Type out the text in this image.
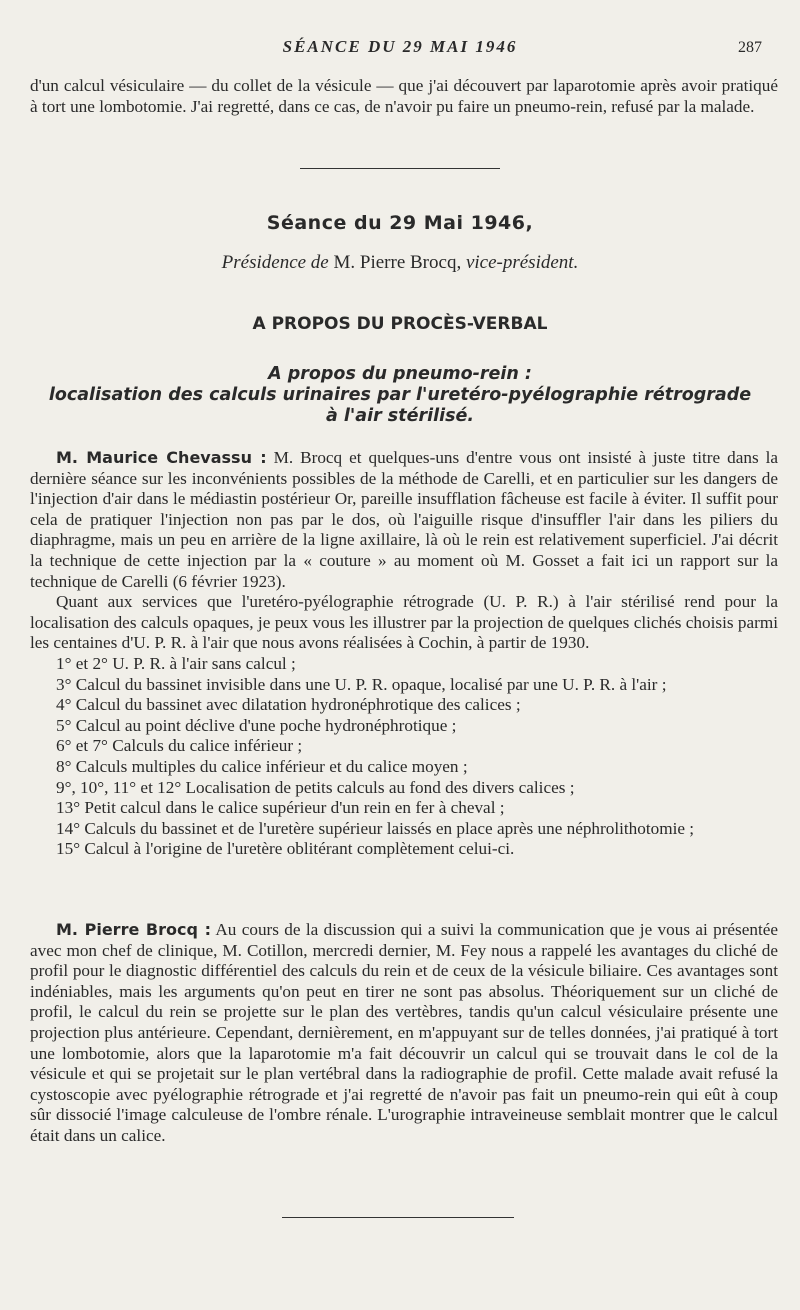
SÉANCE DU 29 MAI 1946	287

d'un calcul vésiculaire — du collet de la vésicule — que j'ai découvert par laparotomie après avoir pratiqué à tort une lombotomie. J'ai regretté, dans ce cas, de n'avoir pu faire un pneumo-rein, refusé par la malade.

Séance du 29 Mai 1946,
Présidence de M. Pierre Brocq, vice-président.
A PROPOS DU PROCÈS-VERBAL
A propos du pneumo-rein :
localisation des calculs urinaires par l'uretéro-pyélographie rétrograde
à l'air stérilisé.

M. Maurice Chevassu : M. Brocq et quelques-uns d'entre vous ont insisté à juste titre dans la dernière séance sur les inconvénients possibles de la méthode de Carelli, et en particulier sur les dangers de l'injection d'air dans le médiastin postérieur Or, pareille insufflation fâcheuse est facile à éviter. Il suffit pour cela de pratiquer l'injection non pas par le dos, où l'aiguille risque d'insuffler l'air dans les piliers du diaphragme, mais un peu en arrière de la ligne axillaire, là où le rein est relativement superficiel. J'ai décrit la technique de cette injection par la « couture » au moment où M. Gosset a fait ici un rapport sur la technique de Carelli (6 février 1923).

Quant aux services que l'uretéro-pyélographie rétrograde (U. P. R.) à l'air stérilisé rend pour la localisation des calculs opaques, je peux vous les illustrer par la projection de quelques clichés choisis parmi les centaines d'U. P. R. à l'air que nous avons réalisées à Cochin, à partir de 1930.

1° et 2° U. P. R. à l'air sans calcul ;

3° Calcul du bassinet invisible dans une U. P. R. opaque, localisé par une U. P. R. à l'air ;

4° Calcul du bassinet avec dilatation hydronéphrotique des calices ;

5° Calcul au point déclive d'une poche hydronéphrotique ;

6° et 7° Calculs du calice inférieur ;

8° Calculs multiples du calice inférieur et du calice moyen ;

9°, 10°, 11° et 12° Localisation de petits calculs au fond des divers calices ;

13° Petit calcul dans le calice supérieur d'un rein en fer à cheval ;

14° Calculs du bassinet et de l'uretère supérieur laissés en place après une néphrolithotomie ;

15° Calcul à l'origine de l'uretère oblitérant complètement celui-ci.

M. Pierre Brocq : Au cours de la discussion qui a suivi la communication que je vous ai présentée avec mon chef de clinique, M. Cotillon, mercredi dernier, M. Fey nous a rappelé les avantages du cliché de profil pour le diagnostic différentiel des calculs du rein et de ceux de la vésicule biliaire. Ces avantages sont indéniables, mais les arguments qu'on peut en tirer ne sont pas absolus. Théoriquement sur un cliché de profil, le calcul du rein se projette sur le plan des vertèbres, tandis qu'un calcul vésiculaire présente une projection plus antérieure. Cependant, dernièrement, en m'appuyant sur de telles données, j'ai pratiqué à tort une lombotomie, alors que la laparotomie m'a fait découvrir un calcul qui se trouvait dans le col de la vésicule et qui se projetait sur le plan vertébral dans la radiographie de profil. Cette malade avait refusé la cystoscopie avec pyélographie rétrograde et j'ai regretté de n'avoir pas fait un pneumo-rein qui eût à coup sûr dissocié l'image calculeuse de l'ombre rénale. L'urographie intraveineuse semblait montrer que le calcul était dans un calice.
